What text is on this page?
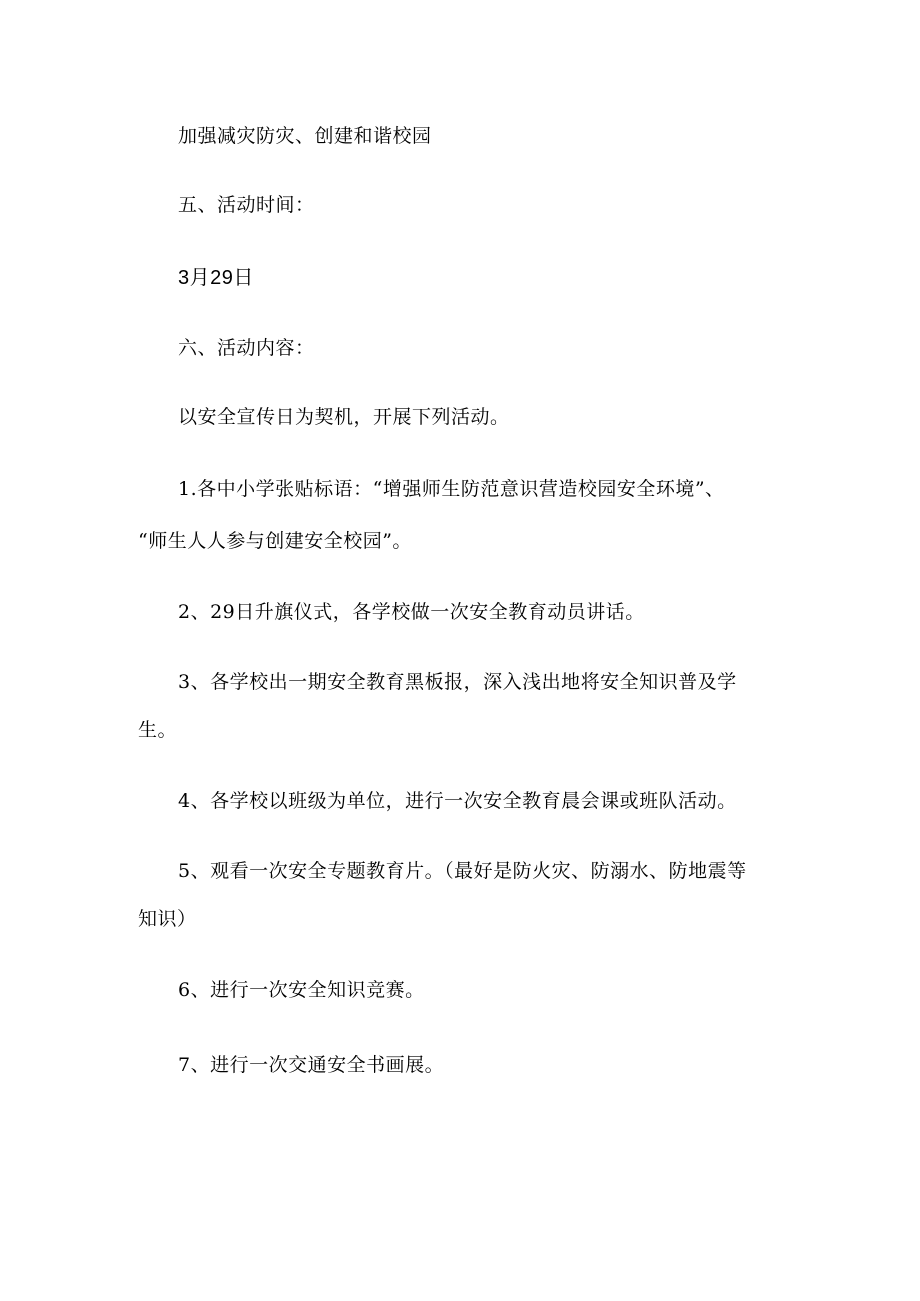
加强减灾防灾、创建和谐校园
五、活动时间：
3月29日
六、活动内容：
以安全宣传日为契机，开展下列活动。
1.各中小学张贴标语：“增强师生防范意识营造校园安全环境”、
“师生人人参与创建安全校园”。
2、29日升旗仪式，各学校做一次安全教育动员讲话。
3、各学校出一期安全教育黑板报，深入浅出地将安全知识普及学
生。
4、各学校以班级为单位，进行一次安全教育晨会课或班队活动。
5、观看一次安全专题教育片。（最好是防火灾、防溺水、防地震等
知识）
6、进行一次安全知识竞赛。
7、进行一次交通安全书画展。
